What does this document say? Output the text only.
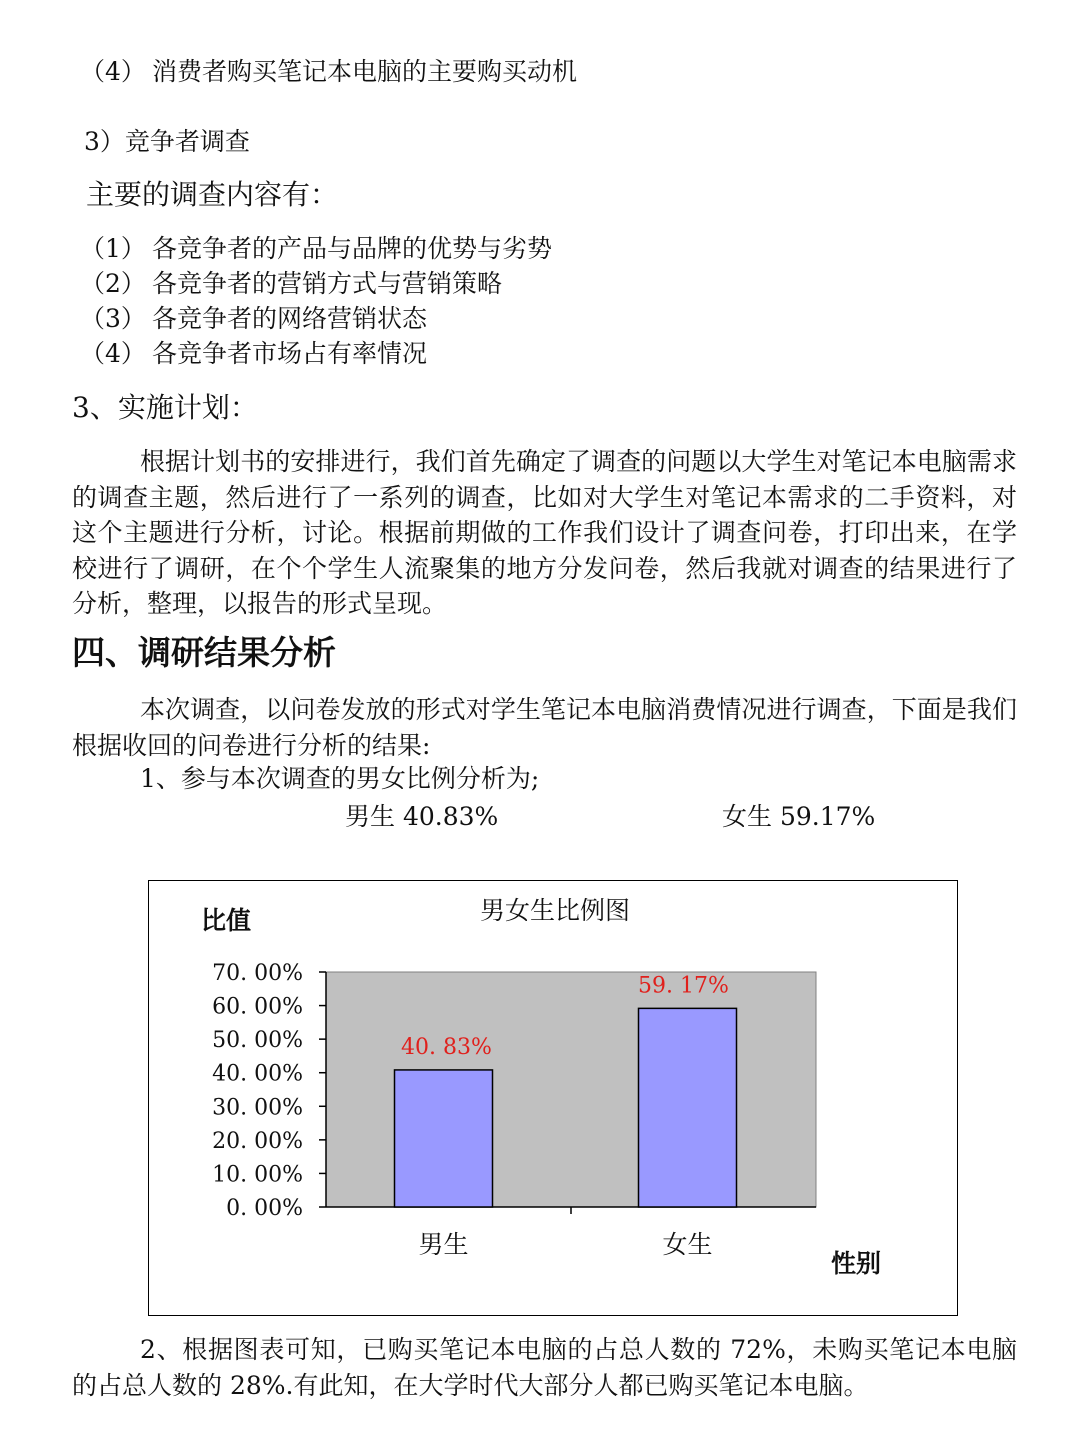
（4） 消费者购买笔记本电脑的主要购买动机
3）竞争者调查
主要的调查内容有：
（1） 各竞争者的产品与品牌的优势与劣势
（2） 各竞争者的营销方式与营销策略
（3） 各竞争者的网络营销状态
（4） 各竞争者市场占有率情况
3、实施计划：
根据计划书的安排进行，我们首先确定了调查的问题以大学生对笔记本电脑需求的调查主题，然后进行了一系列的调查，比如对大学生对笔记本需求的二手资料，对这个主题进行分析，讨论。根据前期做的工作我们设计了调查问卷，打印出来，在学校进行了调研，在个个学生人流聚集的地方分发问卷，然后我就对调查的结果进行了分析，整理，以报告的形式呈现。
四、调研结果分析
本次调查，以问卷发放的形式对学生笔记本电脑消费情况进行调查，下面是我们根据收回的问卷进行分析的结果:
1、参与本次调查的男女比例分析为;
男生 40.83%	女生 59.17%
男女生比例图
比值
性别
0. 00%
10. 00%
20. 00%
30. 00%
40. 00%
50. 00%
60. 00%
70. 00%
40. 83%
男生
59. 17%
女生
2、根据图表可知，已购买笔记本电脑的占总人数的 72%，未购买笔记本电脑的占总人数的 28%.有此知，在大学时代大部分人都已购买笔记本电脑。
